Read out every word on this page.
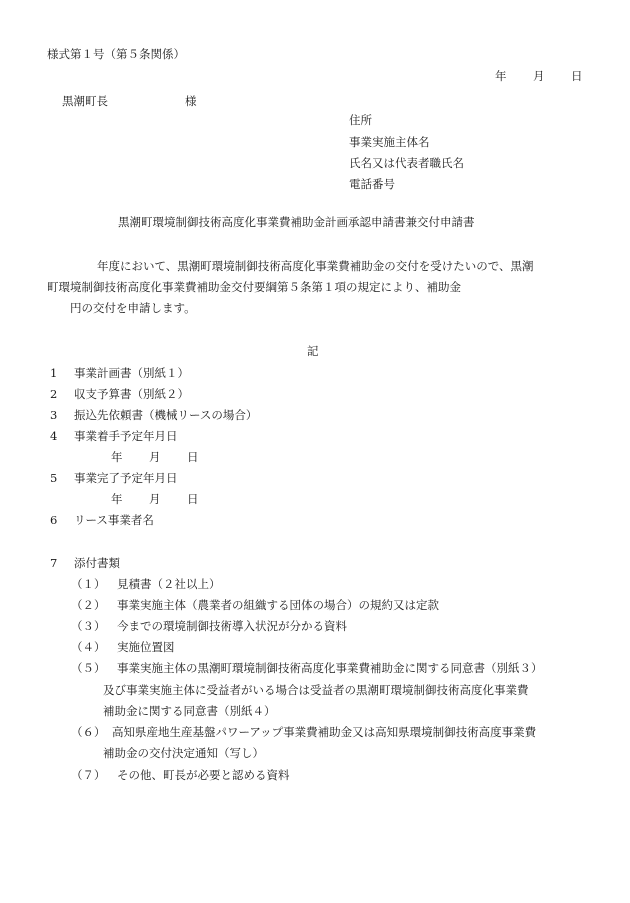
様式第１号（第５条関係）
年 月 日
黒潮町長	様
住所
事業実施主体名
氏名又は代表者職氏名
電話番号
黒潮町環境制御技術高度化事業費補助金計画承認申請書兼交付申請書
年度において、黒潮町環境制御技術高度化事業費補助金の交付を受けたいので、黒潮
町環境制御技術高度化事業費補助金交付要綱第５条第１項の規定により、補助金
円の交付を申請します。
記
1 事業計画書（別紙１）
2 収支予算書（別紙２）
3 振込先依頼書（機械リースの場合）
4 事業着手予定年月日
年 月 日
5 事業完了予定年月日
年 月 日
6 リース事業者名
7 添付書類
（１） 見積書（２社以上）
（２） 事業実施主体（農業者の組織する団体の場合）の規約又は定款
（３） 今までの環境制御技術導入状況が分かる資料
（４） 実施位置図
（５） 事業実施主体の黒潮町環境制御技術高度化事業費補助金に関する同意書（別紙３）
及び事業実施主体に受益者がいる場合は受益者の黒潮町環境制御技術高度化事業費
補助金に関する同意書（別紙４）
（６） 高知県産地生産基盤パワーアップ事業費補助金又は高知県環境制御技術高度事業費
補助金の交付決定通知（写し）
（７） その他、町長が必要と認める資料
